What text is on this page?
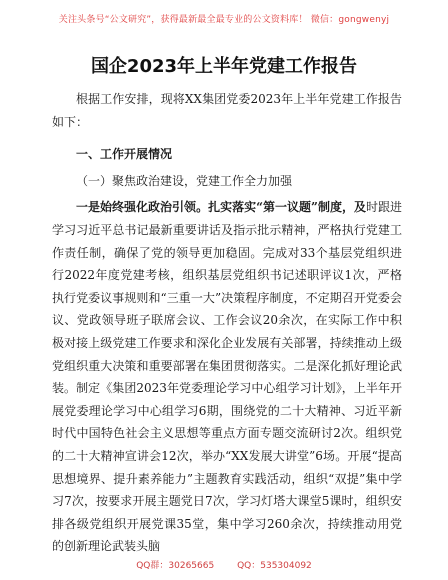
关注头条号“公文研究”，获得最新最全最专业的公文资料库！ 微信：gongwenyj
国企2023年上半年党建工作报告

根据工作安排，现将XX集团党委2023年上半年党建工作报告如下：

一、工作开展情况

（一）聚焦政治建设，党建工作全力加强

一是始终强化政治引领。扎实落实“第一议题”制度，及时跟进学习习近平总书记最新重要讲话及指示批示精神，严格执行党建工作责任制，确保了党的领导更加稳固。完成对33个基层党组织进行2022年度党建考核，组织基层党组织书记述职评议1次，严格执行党委议事规则和“三重一大”决策程序制度，不定期召开党委会议、党政领导班子联席会议、工作会议20余次，在实际工作中积极对接上级党建工作要求和深化企业发展有关部署，持续推动上级党组织重大决策和重要部署在集团贯彻落实。二是深化抓好理论武装。制定《集团2023年党委理论学习中心组学习计划》，上半年开展党委理论学习中心组学习6期，围绕党的二十大精神、习近平新时代中国特色社会主义思想等重点方面专题交流研讨2次。组织党的二十大精神宣讲会12次，举办“XX发展大讲堂”6场。开展“提高思想境界、提升素养能力”主题教育实践活动，组织“双提”集中学习7次，按要求开展主题党日7次，学习灯塔大课堂5课时，组织安排各级党组织开展党课35堂，集中学习260余次，持续推动用党的创新理论武装头脑

QQ群：30265665	QQ：535304092
